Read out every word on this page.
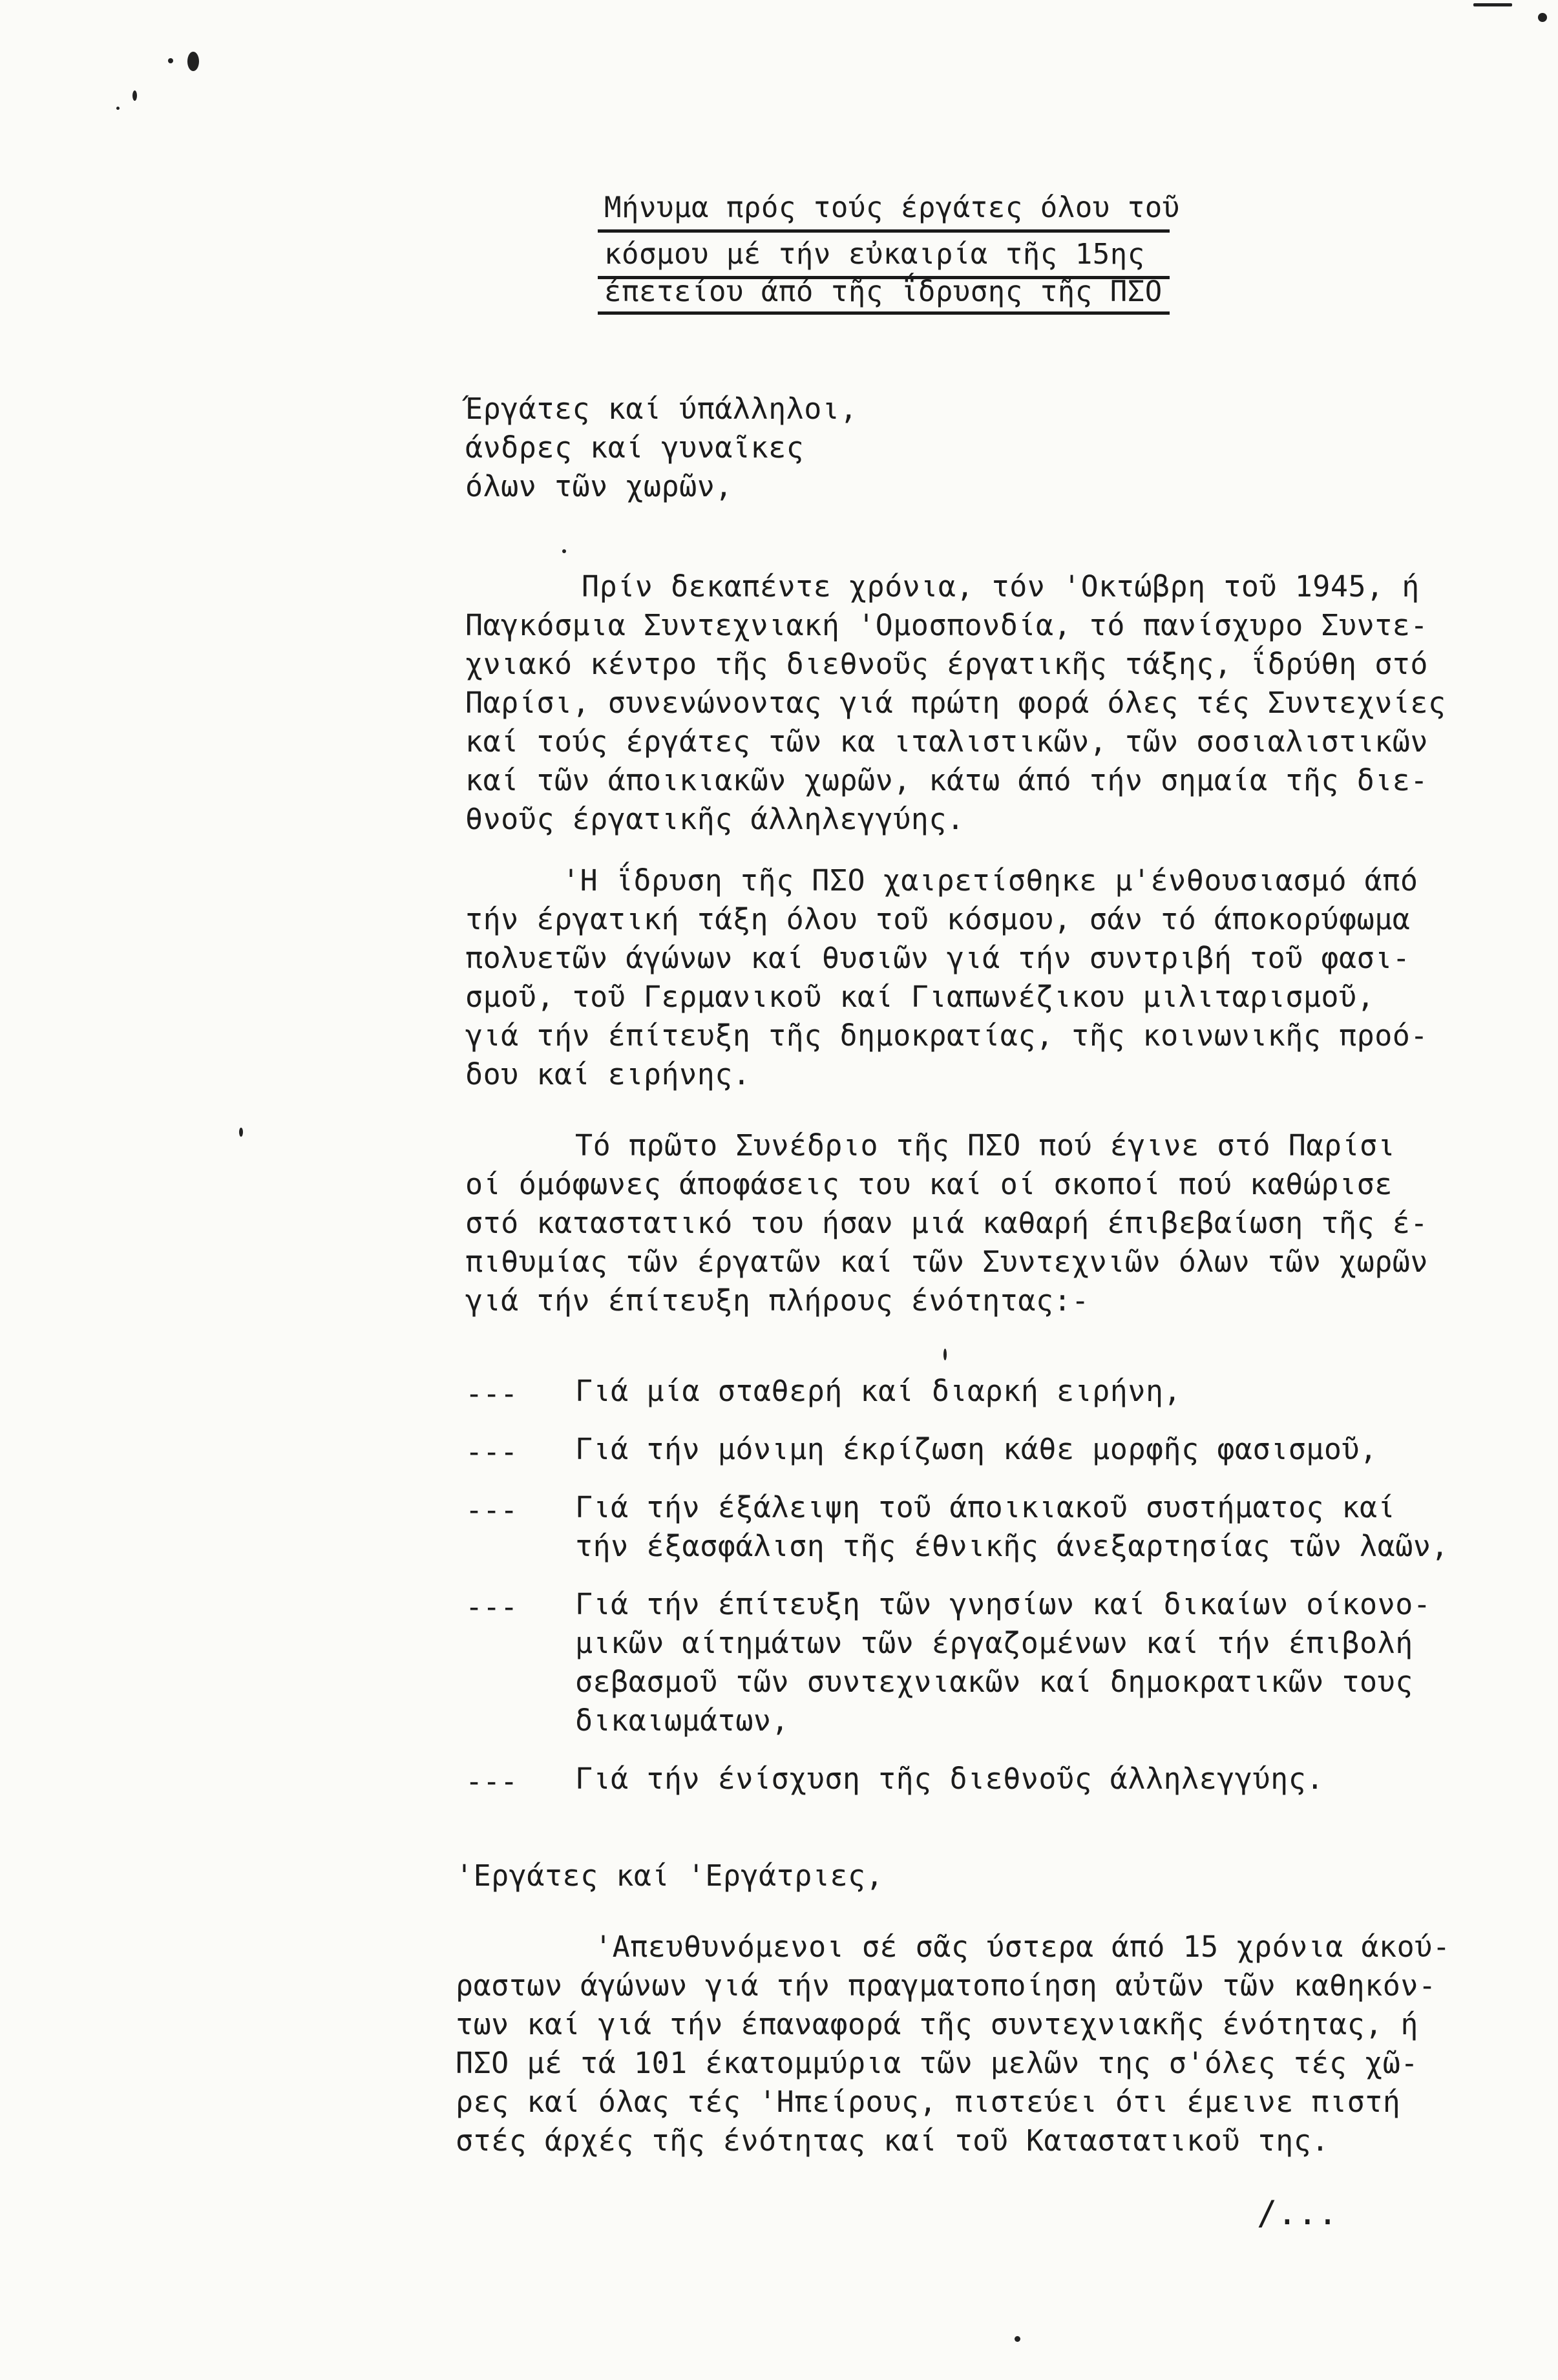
Μήνυμα πρός τούς έργάτες όλου τοῦ
κόσμου μέ τήν εὐκαιρία τῆς 15ης
έπετείου άπό τῆς ΐδρυσης τῆς ΠΣΟ
Έργάτες καί ύπάλληλοι,
άνδρες καί γυναῖκες
όλων τῶν χωρῶν,
Πρίν δεκαπέντε χρόνια, τόν 'Οκτώβρη τοῦ 1945, ή
Παγκόσμια Συντεχνιακή 'Ομοσπονδία, τό πανίσχυρο Συντε-
χνιακό κέντρο τῆς διεθνοῦς έργατικῆς τάξης, ΐδρύθη στό
Παρίσι, συνενώνοντας γιά πρώτη φορά όλες τές Συντεχνίες
καί τούς έργάτες τῶν κα ιταλιστικῶν, τῶν σοσιαλιστικῶν
καί τῶν άποικιακῶν χωρῶν, κάτω άπό τήν σημαία τῆς διε-
θνοῦς έργατικῆς άλληλεγγύης.
'Η ΐδρυση τῆς ΠΣΟ χαιρετίσθηκε μ'ένθουσιασμό άπό
τήν έργατική τάξη όλου τοῦ κόσμου, σάν τό άποκορύφωμα
πολυετῶν άγώνων καί θυσιῶν γιά τήν συντριβή τοῦ φασι-
σμοῦ, τοῦ Γερμανικοῦ καί Γιαπωνέζικου μιλιταρισμοῦ,
γιά τήν έπίτευξη τῆς δημοκρατίας, τῆς κοινωνικῆς προό-
δου καί ειρήνης.
Τό πρῶτο Συνέδριο τῆς ΠΣΟ πού έγινε στό Παρίσι
οί όμόφωνες άποφάσεις του καί οί σκοποί πού καθώρισε
στό καταστατικό του ήσαν μιά καθαρή έπιβεβαίωση τῆς έ-
πιθυμίας τῶν έργατῶν καί τῶν Συντεχνιῶν όλων τῶν χωρῶν
γιά τήν έπίτευξη πλήρους ένότητας:-
--- Γιά μία σταθερή καί διαρκή ειρήνη,
--- Γιά τήν μόνιμη έκρίζωση κάθε μορφῆς φασισμοῦ,
--- Γιά τήν έξάλειψη τοῦ άποικιακοῦ συστήματος καί
τήν έξασφάλιση τῆς έθνικῆς άνεξαρτησίας τῶν λαῶν,
--- Γιά τήν έπίτευξη τῶν γνησίων καί δικαίων οίκονο-
μικῶν αίτημάτων τῶν έργαζομένων καί τήν έπιβολή
σεβασμοῦ τῶν συντεχνιακῶν καί δημοκρατικῶν τους
δικαιωμάτων,
--- Γιά τήν ένίσχυση τῆς διεθνοῦς άλληλεγγύης.
'Εργάτες καί 'Εργάτριες,
'Απευθυνόμενοι σέ σᾶς ύστερα άπό 15 χρόνια άκού-
ραστων άγώνων γιά τήν πραγματοποίηση αὐτῶν τῶν καθηκόν-
των καί γιά τήν έπαναφορά τῆς συντεχνιακῆς ένότητας, ή
ΠΣΟ μέ τά 101 έκατομμύρια τῶν μελῶν της σ'όλες τές χῶ-
ρες καί όλας τές 'Ηπείρους, πιστεύει ότι έμεινε πιστή
στές άρχές τῆς ένότητας καί τοῦ Καταστατικοῦ της.
/...
